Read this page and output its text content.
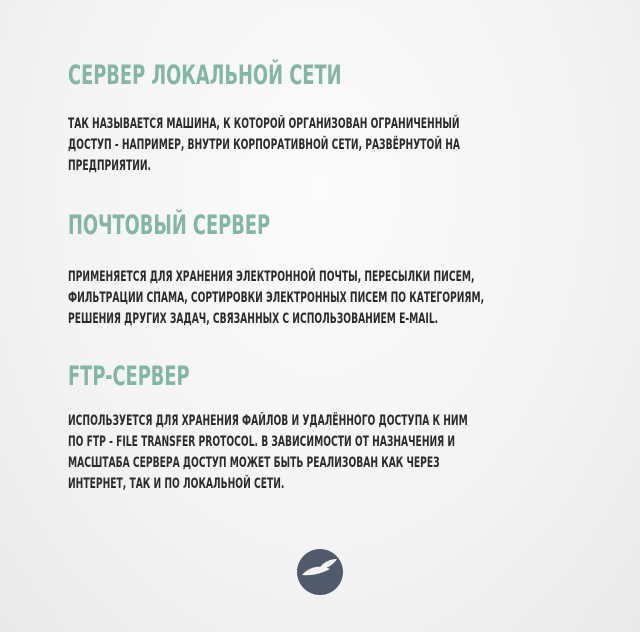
СЕРВЕР ЛОКАЛЬНОЙ СЕТИ

ТАК НАЗЫВАЕТСЯ МАШИНА, К КОТОРОЙ ОРГАНИЗОВАН ОГРАНИЧЕННЫЙ
ДОСТУП - НАПРИМЕР, ВНУТРИ КОРПОРАТИВНОЙ СЕТИ, РАЗВЁРНУТОЙ НА
ПРЕДПРИЯТИИ.

ПОЧТОВЫЙ СЕРВЕР

ПРИМЕНЯЕТСЯ ДЛЯ ХРАНЕНИЯ ЭЛЕКТРОННОЙ ПОЧТЫ, ПЕРЕСЫЛКИ ПИСЕМ,
ФИЛЬТРАЦИИ СПАМА, СОРТИРОВКИ ЭЛЕКТРОННЫХ ПИСЕМ ПО КАТЕГОРИЯМ,
РЕШЕНИЯ ДРУГИХ ЗАДАЧ, СВЯЗАННЫХ С ИСПОЛЬЗОВАНИЕМ E-MAIL.

FTP-СЕРВЕР

ИСПОЛЬЗУЕТСЯ ДЛЯ ХРАНЕНИЯ ФАЙЛОВ И УДАЛЁННОГО ДОСТУПА К НИМ
ПО FTP - FILE TRANSFER PROTOCOL. В ЗАВИСИМОСТИ ОТ НАЗНАЧЕНИЯ И
МАСШТАБА СЕРВЕРА ДОСТУП МОЖЕТ БЫТЬ РЕАЛИЗОВАН КАК ЧЕРЕЗ
ИНТЕРНЕТ, ТАК И ПО ЛОКАЛЬНОЙ СЕТИ.
